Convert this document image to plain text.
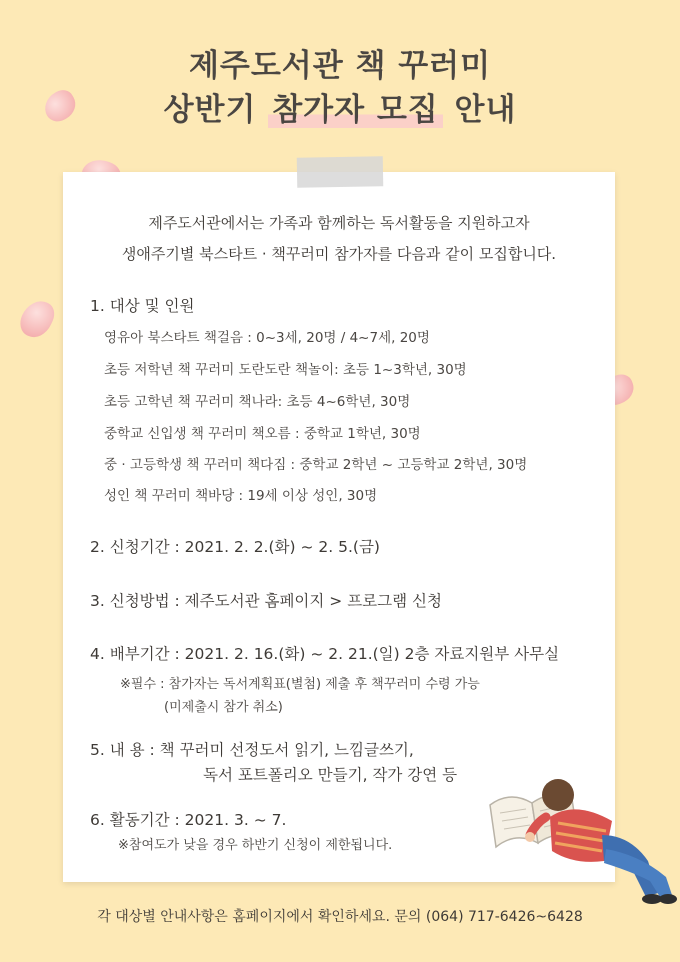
제주도서관 책 꾸러미
상반기 참가자 모집 안내
제주도서관에서는 가족과 함께하는 독서활동을 지원하고자
생애주기별 북스타트 · 책꾸러미 참가자를 다음과 같이 모집합니다.
1. 대상 및 인원
영유아 북스타트 책걸음 : 0~3세, 20명 / 4~7세, 20명
초등 저학년 책 꾸러미 도란도란 책놀이: 초등 1~3학년, 30명
초등 고학년 책 꾸러미 책나라: 초등 4~6학년, 30명
중학교 신입생 책 꾸러미 책오름 : 중학교 1학년, 30명
중 · 고등학생 책 꾸러미 책다짐 : 중학교 2학년 ~ 고등학교 2학년, 30명
성인 책 꾸러미 책바당 : 19세 이상 성인, 30명
2. 신청기간 : 2021. 2. 2.(화) ~ 2. 5.(금)
3. 신청방법 : 제주도서관 홈페이지 > 프로그램 신청
4. 배부기간 : 2021. 2. 16.(화) ~ 2. 21.(일) 2층 자료지원부 사무실
※필수 : 참가자는 독서계획표(별첨) 제출 후 책꾸러미 수령 가능
(미제출시 참가 취소)
5. 내 용 : 책 꾸러미 선정도서 읽기, 느낌글쓰기,
독서 포트폴리오 만들기, 작가 강연 등
6. 활동기간 : 2021. 3. ~ 7.
※참여도가 낮을 경우 하반기 신청이 제한됩니다.
각 대상별 안내사항은 홈페이지에서 확인하세요. 문의 (064) 717-6426~6428
